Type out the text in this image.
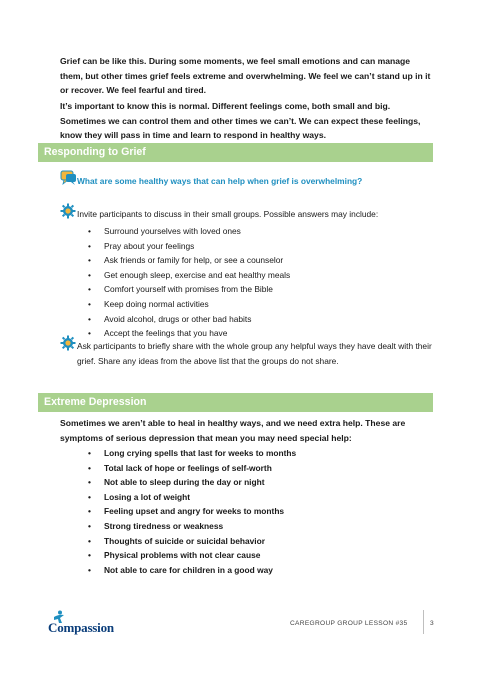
Grief can be like this. During some moments, we feel small emotions and can manage them, but other times grief feels extreme and overwhelming. We feel we can’t stand up in it or recover. We feel fearful and tired.

It’s important to know this is normal. Different feelings come, both small and big. Sometimes we can control them and other times we can’t. We can expect these feelings, know they will pass in time and learn to respond in healthy ways.

Responding to Grief
What are some healthy ways that can help when grief is overwhelming?
Invite participants to discuss in their small groups. Possible answers may include:
• Surround yourselves with loved ones
• Pray about your feelings
• Ask friends or family for help, or see a counselor
• Get enough sleep, exercise and eat healthy meals
• Comfort yourself with promises from the Bible
• Keep doing normal activities
• Avoid alcohol, drugs or other bad habits
• Accept the feelings that you have
Ask participants to briefly share with the whole group any helpful ways they have dealt with their grief. Share any ideas from the above list that the groups do not share.
Extreme Depression

Sometimes we aren’t able to heal in healthy ways, and we need extra help. These are symptoms of serious depression that mean you may need special help:

• Long crying spells that last for weeks to months
• Total lack of hope or feelings of self-worth
• Not able to sleep during the day or night
• Losing a lot of weight
• Feeling upset and angry for weeks to months
• Strong tiredness or weakness
• Thoughts of suicide or suicidal behavior
• Physical problems with not clear cause
• Not able to care for children in a good way
Compassion	CAREGROUP GROUP LESSON #35	3
